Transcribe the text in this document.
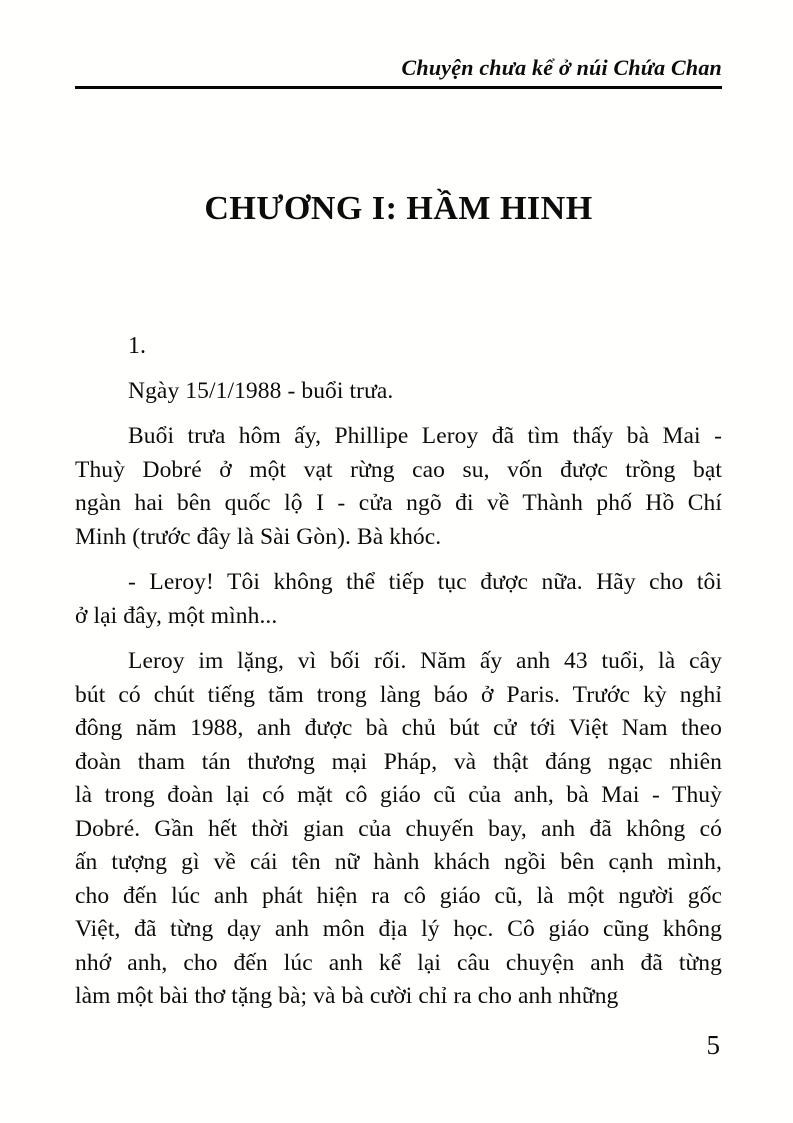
Chuyện chưa kể ở núi Chứa Chan
CHƯƠNG I: HẦM HINH
1.
Ngày 15/1/1988 - buổi trưa.
Buổi trưa hôm ấy, Phillipe Leroy đã tìm thấy bà Mai -
Thuỳ Dobré ở một vạt rừng cao su, vốn được trồng bạt
ngàn hai bên quốc lộ I - cửa ngõ đi về Thành phố Hồ Chí
Minh (trước đây là Sài Gòn). Bà khóc.
- Leroy! Tôi không thể tiếp tục được nữa. Hãy cho tôi
ở lại đây, một mình...
Leroy im lặng, vì bối rối. Năm ấy anh 43 tuổi, là cây
bút có chút tiếng tăm trong làng báo ở Paris. Trước kỳ nghỉ
đông năm 1988, anh được bà chủ bút cử tới Việt Nam theo
đoàn tham tán thương mại Pháp, và thật đáng ngạc nhiên
là trong đoàn lại có mặt cô giáo cũ của anh, bà Mai - Thuỳ
Dobré. Gần hết thời gian của chuyến bay, anh đã không có
ấn tượng gì về cái tên nữ hành khách ngồi bên cạnh mình,
cho đến lúc anh phát hiện ra cô giáo cũ, là một người gốc
Việt, đã từng dạy anh môn địa lý học. Cô giáo cũng không
nhớ anh, cho đến lúc anh kể lại câu chuyện anh đã từng
làm một bài thơ tặng bà; và bà cười chỉ ra cho anh những
5
